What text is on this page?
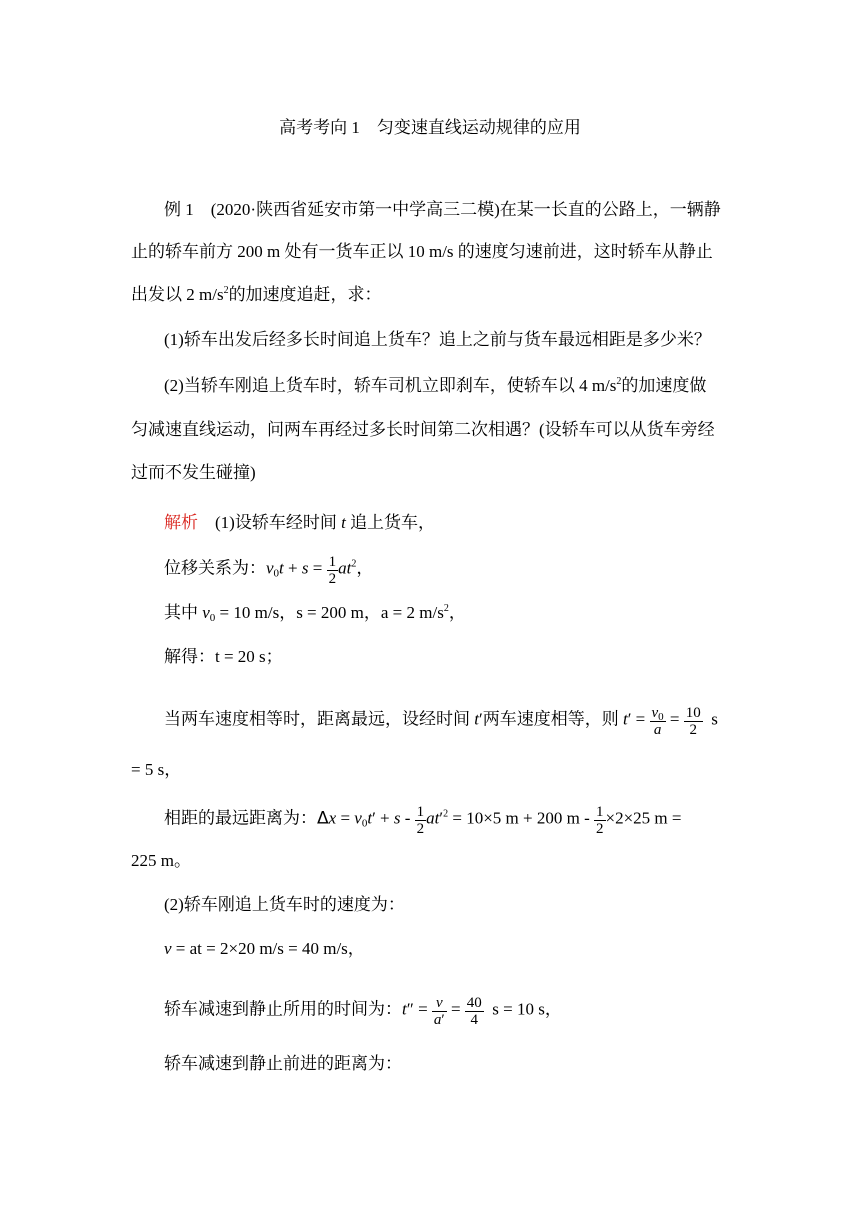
高考考向 1　匀变速直线运动规律的应用
例 1　(2020·陕西省延安市第一中学高三二模)在某一长直的公路上，一辆静
止的轿车前方 200 m 处有一货车正以 10 m/s 的速度匀速前进，这时轿车从静止
出发以 2 $m/s^2$的加速度追赶，求：
(1)轿车出发后经多长时间追上货车？追上之前与货车最远相距是多少米？
(2)当轿车刚追上货车时，轿车司机立即刹车，使轿车以 4 $m/s^2$的加速度做
匀减速直线运动，问两车再经过多长时间第二次相遇？(设轿车可以从货车旁经
过而不发生碰撞)
解析　(1)设轿车经时间 t 追上货车，
位移关系为：$v_0t + s = \frac{1}{2} at^2$，
其中 $v_0 = 10$ m/s，s = 200 m，a = 2 $m/s^2$，
解得：t = 20 s；
当两车速度相等时，距离最远，设经时间 t′两车速度相等，则 $t' = \frac{v_0}{a} = \frac{10}{2}$ s
= 5 s，
相距的最远距离为：$\Delta x = v_0t' + s - \frac{1}{2} at'^2 = 10\times 5$ m + 200 $m - \frac{1}{2} \times 2\times 25$ m =
225 m。
(2)轿车刚追上货车时的速度为：
v = at = 2×20 m/s = 40 m/s，
轿车减速到静止所用的时间为：$t'' = \frac{v}{a'} = \frac{40}{4}$ s = 10 s，
轿车减速到静止前进的距离为：
